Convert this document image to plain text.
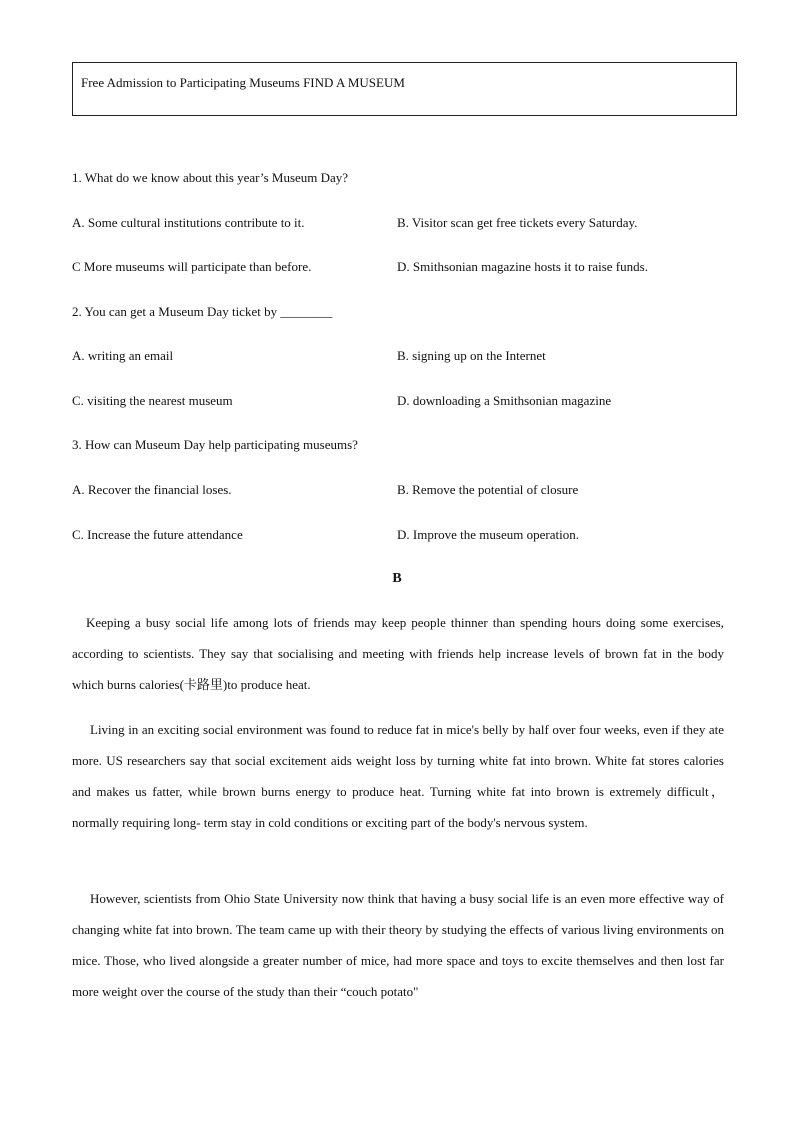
Free Admission to Participating Museums FIND A MUSEUM
1. What do we know about this year’s Museum Day?
A. Some cultural institutions contribute to it.	B. Visitor scan get free tickets every Saturday.
C More museums will participate than before.	D. Smithsonian magazine hosts it to raise funds.
2. You can get a Museum Day ticket by ________
A. writing an email	B. signing up on the Internet
C. visiting the nearest museum	D. downloading a Smithsonian magazine
3. How can Museum Day help participating museums?
A. Recover the financial loses.	B. Remove the potential of closure
C. Increase the future attendance	D. Improve the museum operation.
B
Keeping a busy social life among lots of friends may keep people thinner than spending hours doing some exercises, according to scientists. They say that socialising and meeting with friends help increase levels of brown fat in the body which burns calories(卡路里)to produce heat.
Living in an exciting social environment was found to reduce fat in mice's belly by half over four weeks, even if they ate more. US researchers say that social excitement aids weight loss by turning white fat into brown. White fat stores calories and makes us fatter, while brown burns energy to produce heat. Turning white fat into brown is extremely difficult，normally requiring long- term stay in cold conditions or exciting part of the body's nervous system.
However, scientists from Ohio State University now think that having a busy social life is an even more effective way of changing white fat into brown. The team came up with their theory by studying the effects of various living environments on mice. Those, who lived alongside a greater number of mice, had more space and toys to excite themselves and then lost far more weight over the course of the study than their “couch potato"
